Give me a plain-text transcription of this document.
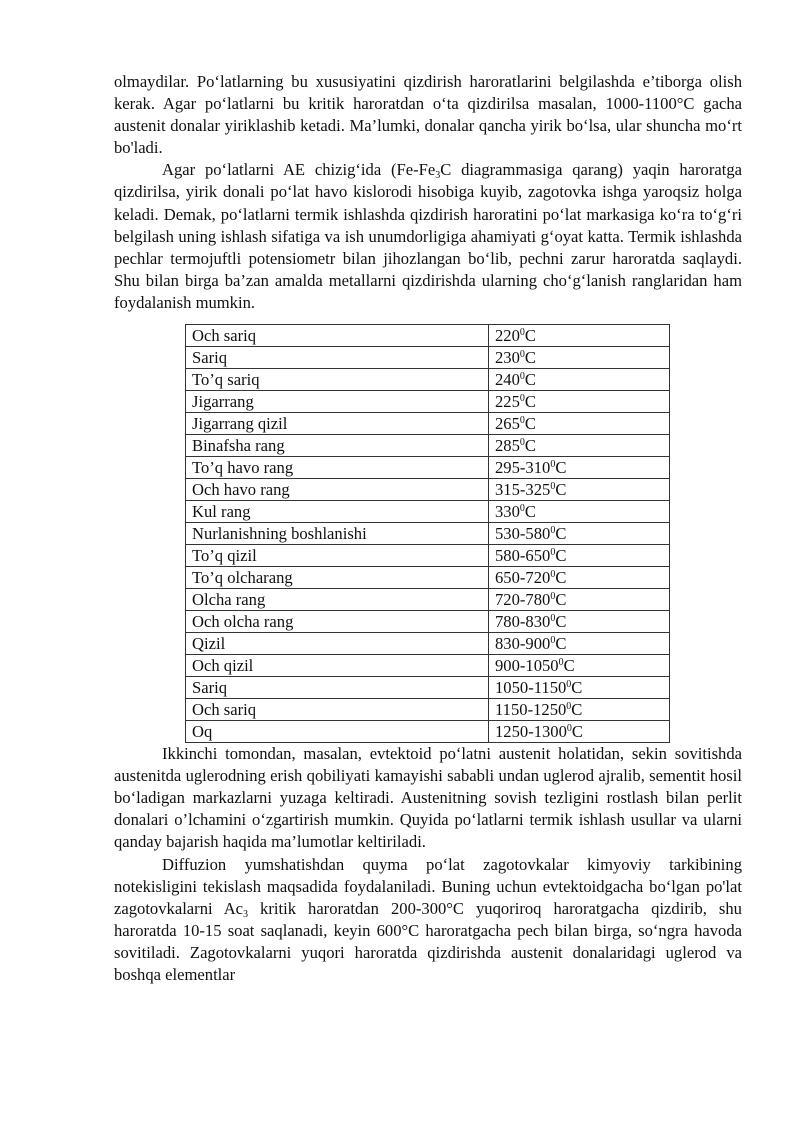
olmaydilar. Po‘latlarning bu xususiyatini qizdirish haroratlarini belgilashda e’tiborga olish kerak. Agar po‘latlarni bu kritik haroratdan o‘ta qizdirilsa masalan, 1000-1100°C gacha austenit donalar yiriklashib ketadi. Ma’lumki, donalar qancha yirik bo‘lsa, ular shuncha mo‘rt bo'ladi.

Agar po‘latlarni AE chizig‘ida ($Fe-Fe_3C$ diagrammasiga qarang) yaqin haroratga qizdirilsa, yirik donali po‘lat havo kislorodi hisobiga kuyib, zagotovka ishga yaroqsiz holga keladi. Demak, po‘latlarni termik ishlashda qizdirish haroratini po‘lat markasiga ko‘ra to‘g‘ri belgilash uning ishlash sifatiga va ish unumdorligiga ahamiyati g‘oyat katta. Termik ishlashda pechlar termojuftli potensiometr bilan jihozlangan bo‘lib, pechni zarur haroratda saqlaydi. Shu bilan birga ba’zan amalda metallarni qizdirishda ularning cho‘g‘lanish ranglaridan ham foydalanish mumkin.

Och sariq	$220^0C$
Sariq	$230^0C$
To’q sariq	$240^0C$
Jigarrang	$225^0C$
Jigarrang qizil	$265^0C$
Binafsha rang	$285^0C$
To’q havo rang	$295-310^0C$
Och havo rang	$315-325^0C$
Kul rang	$330^0C$
Nurlanishning boshlanishi	$530-580^0C$
To’q qizil	$580-650^0C$
To’q olcharang	$650-720^0C$
Olcha rang	$720-780^0C$
Och olcha rang	$780-830^0C$
Qizil	$830-900^0C$
Och qizil	900-1050$^0$C
Sariq	1050-1150$^0$C
Och sariq	1150-1250$^0$C
Oq	1250-1300$^0$C

Ikkinchi tomondan, masalan, evtektoid po‘latni austenit holatidan, sekin sovitishda austenitda uglerodning erish qobiliyati kamayishi sababli undan uglerod ajralib, sementit hosil bo‘ladigan markazlarni yuzaga keltiradi. Austenitning sovish tezligini rostlash bilan perlit donalari o’lchamini o‘zgartirish mumkin. Quyida po‘latlarni termik ishlash usullar va ularni qanday bajarish haqida ma’lumotlar keltiriladi.

Diffuzion yumshatishdan quyma po‘lat zagotovkalar kimyoviy tarkibining notekisligini tekislash maqsadida foydalaniladi. Buning uchun evtektoidgacha bo‘lgan po'lat zagotovkalarni $Ac_3$ kritik haroratdan 200-300°C yuqoriroq haroratgacha qizdirib, shu haroratda 10-15 soat saqlanadi, keyin 600°C haroratgacha pech bilan birga, so‘ngra havoda sovitiladi. Zagotovkalarni yuqori haroratda qizdirishda austenit donalaridagi uglerod va boshqa elementlar
